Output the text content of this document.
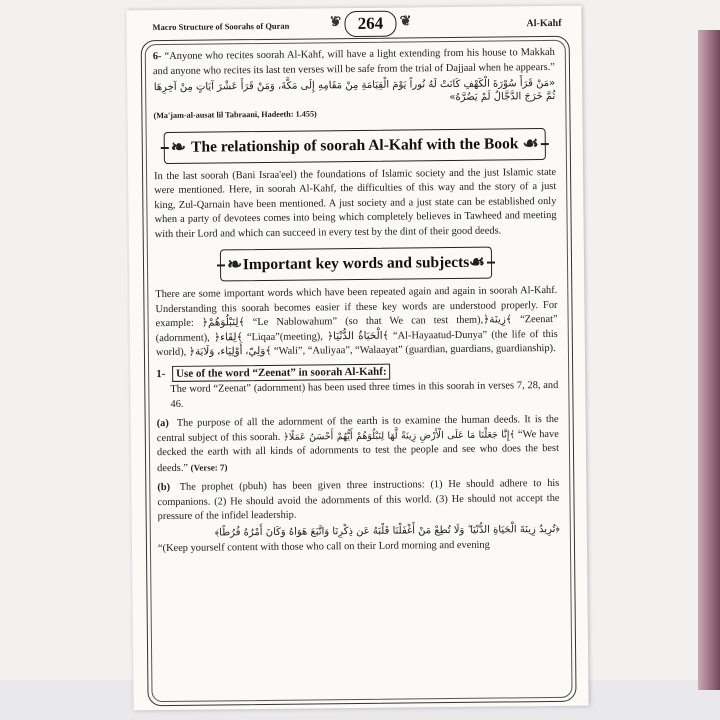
Macro Structure of Soorahs of Quran
❦	264 ❦	Al-Kahf

6- “Anyone who recites soorah Al-Kahf, will have a light extending from his house to Makkah and anyone who recites its last ten verses will be safe from the trial of Dajjaal when he appears.”

«مَنْ قَرَأَ سُوْرَةَ الْكَهْفِ كَانَتْ لَهُ نُوراً يَوْمَ الْقِيَامَةِ مِنْ مَقَامِهِ إِلَى مَكَّةَ، وَمَنْ قَرَأَ عَشْرَ آيَاتٍ مِنْ آخِرِهَا ثُمَّ خَرَجَ الدَّجَّالُ لَمْ يَضُرَّهُ»

(Ma'jam-al-ausat lil Tabraani, Hadeeth: 1.455)

❧ The relationship of soorah Al-Kahf with the Book ☙

In the last soorah (Bani Israa'eel) the foundations of Islamic society and the just Islamic state were mentioned. Here, in soorah Al-Kahf, the difficulties of this way and the story of a just king, Zul-Qarnain have been mentioned. A just society and a just state can be established only when a party of devotees comes into being which completely believes in Tawheed and meeting with their Lord and which can succeed in every test by the dint of their good deeds.

❧ Important key words and subjects ☙

There are some important words which have been repeated again and again in soorah Al-Kahf. Understanding this soorah becomes easier if these key words are understood properly. For example: ﴿لِنَبْلُوَهُمْ﴾ “Le Nablowahum” (so that We can test them),﴿زِينَة﴾ “Zeenat” (adornment), ﴿لِقَاء﴾ “Liqaa”(meeting), ﴿الْحَيَاةُ الدُّنْيَا﴾ “Al-Hayaatud-Dunya” (the life of this world), ﴿وَلِيّ، أَوْلِيَاء، وَلَايَة﴾ “Wali”, “Auliyaa”, “Walaayat” (guardian, guardians, guardianship).

1- Use of the word “Zeenat” in soorah Al-Kahf:

The word “Zeenat” (adornment) has been used three times in this soorah in verses 7, 28, and 46.

(a) The purpose of all the adornment of the earth is to examine the human deeds. It is the central subject of this soorah. ﴿إِنَّا جَعَلْنَا مَا عَلَى الْأَرْضِ زِينَةً لَّهَا لِنَبْلُوَهُمْ أَيُّهُمْ أَحْسَنُ عَمَلًا﴾ “We have decked the earth with all kinds of adornments to test the people and see who does the best deeds.” (Verse: 7)
(b) The prophet (pbuh) has been given three instructions: (1) He should adhere to his companions. (2) He should avoid the adornments of this world. (3) He should not accept the pressure of the infidel leadership.

﴿تُرِيدُ زِينَةَ الْحَيَاةِ الدُّنْيَا ۖ وَلَا تُطِعْ مَنْ أَغْفَلْنَا قَلْبَهُ عَن ذِكْرِنَا وَاتَّبَعَ هَوَاهُ وَكَانَ أَمْرُهُ فُرُطًا﴾

“(Keep yourself content with those who call on their Lord morning and evening
